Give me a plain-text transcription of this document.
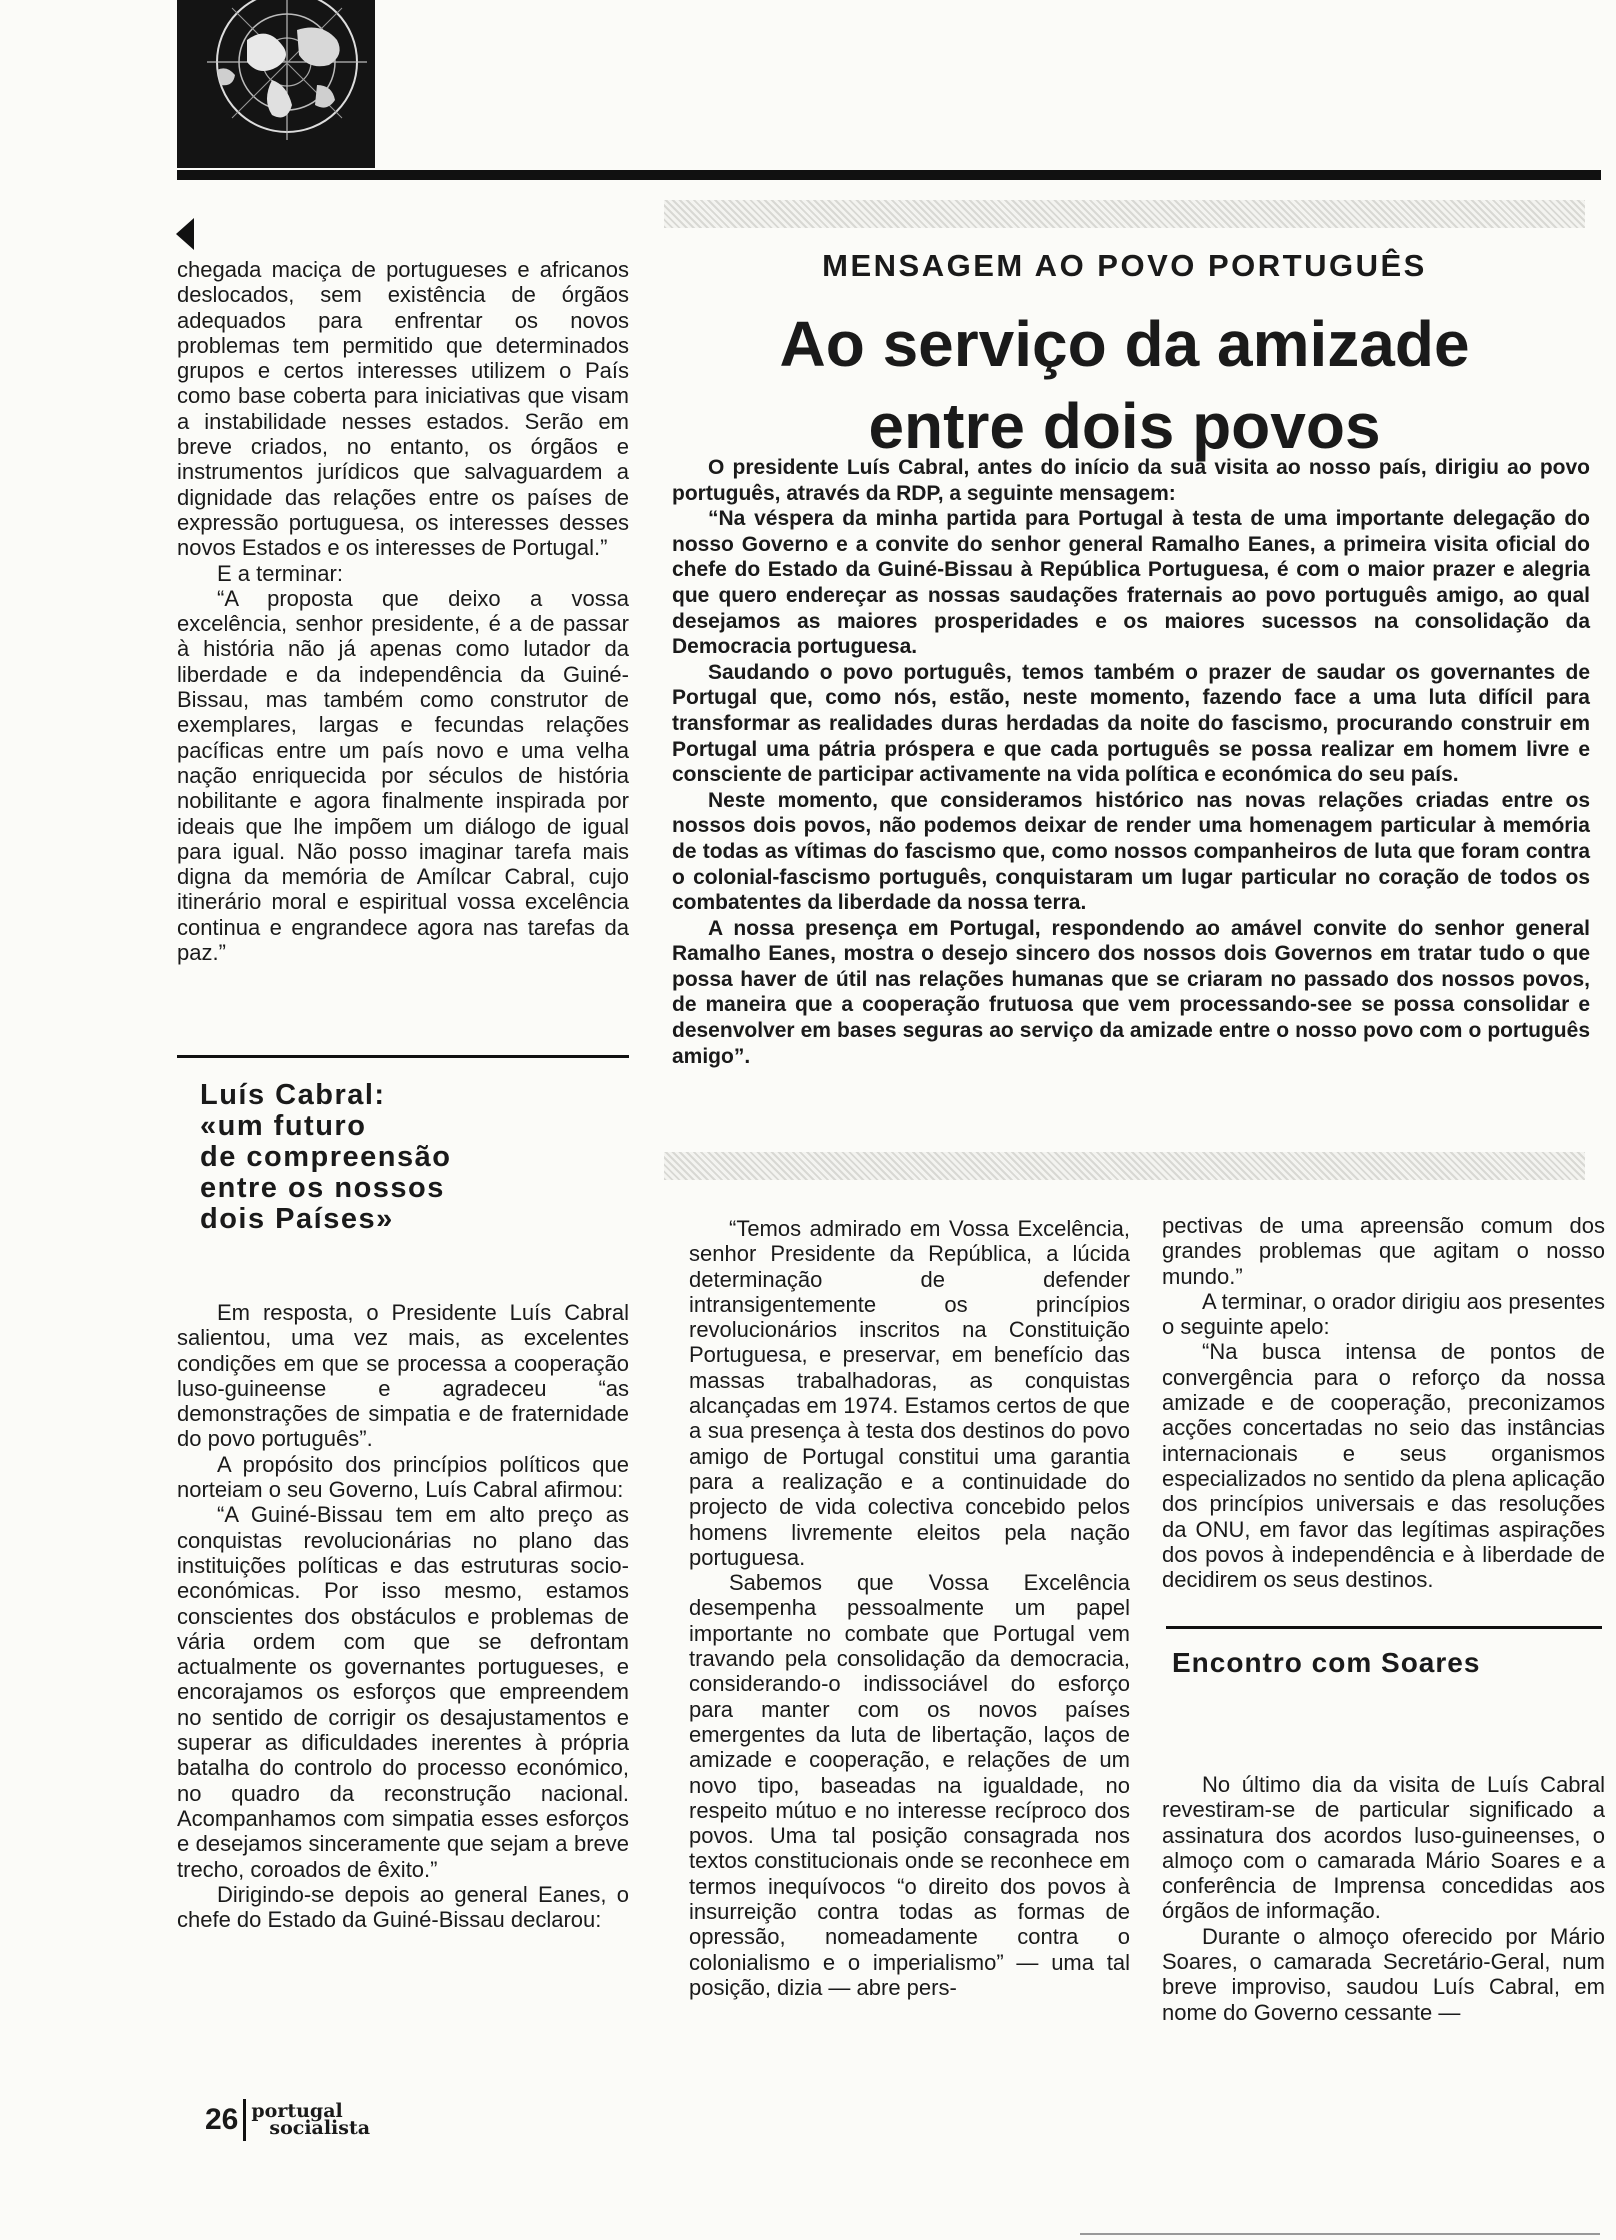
chegada maciça de portugueses e africanos deslocados, sem existência de órgãos adequados para enfrentar os novos problemas tem permitido que determinados grupos e certos interesses utilizem o País como base coberta para iniciativas que visam a instabilidade nesses estados. Serão em breve criados, no entanto, os órgãos e instrumentos jurídicos que salvaguardem a dignidade das relações entre os países de expressão portuguesa, os interesses desses novos Estados e os interesses de Portugal.”

E a terminar:

“A proposta que deixo a vossa excelência, senhor presidente, é a de passar à história não já apenas como lutador da liberdade e da independência da Guiné-Bissau, mas também como construtor de exemplares, largas e fecundas relações pacíficas entre um país novo e uma velha nação enriquecida por séculos de história nobilitante e agora finalmente inspirada por ideais que lhe impõem um diálogo de igual para igual. Não posso imaginar tarefa mais digna da memória de Amílcar Cabral, cujo itinerário moral e espiritual vossa excelência continua e engrandece agora nas tarefas da paz.”

Luís Cabral:
«um futuro
de compreensão
entre os nossos
dois Países»

Em resposta, o Presidente Luís Cabral salientou, uma vez mais, as excelentes condições em que se processa a cooperação luso-guineense e agradeceu “as demonstrações de simpatia e de fraternidade do povo português”.

A propósito dos princípios políticos que norteiam o seu Governo, Luís Cabral afirmou:

“A Guiné-Bissau tem em alto preço as conquistas revolucionárias no plano das instituições políticas e das estruturas socio-económicas. Por isso mesmo, estamos conscientes dos obstáculos e problemas de vária ordem com que se defrontam actualmente os governantes portugueses, e encorajamos os esforços que empreendem no sentido de corrigir os desajustamentos e superar as dificuldades inerentes à própria batalha do controlo do processo económico, no quadro da reconstrução nacional. Acompanhamos com simpatia esses esforços e desejamos sinceramente que sejam a breve trecho, coroados de êxito.”

Dirigindo-se depois ao general Eanes, o chefe do Estado da Guiné-Bissau declarou:

MENSAGEM AO POVO PORTUGUÊS
Ao serviço da amizade
entre dois povos

O presidente Luís Cabral, antes do início da sua visita ao nosso país, dirigiu ao povo português, através da RDP, a seguinte mensagem:

“Na véspera da minha partida para Portugal à testa de uma importante delegação do nosso Governo e a convite do senhor general Ramalho Eanes, a primeira visita oficial do chefe do Estado da Guiné-Bissau à República Portuguesa, é com o maior prazer e alegria que quero endereçar as nossas saudações fraternais ao povo português amigo, ao qual desejamos as maiores prosperidades e os maiores sucessos na consolidação da Democracia portuguesa.

Saudando o povo português, temos também o prazer de saudar os governantes de Portugal que, como nós, estão, neste momento, fazendo face a uma luta difícil para transformar as realidades duras herdadas da noite do fascismo, procurando construir em Portugal uma pátria próspera e que cada português se possa realizar em homem livre e consciente de participar activamente na vida política e económica do seu país.

Neste momento, que consideramos histórico nas novas relações criadas entre os nossos dois povos, não podemos deixar de render uma homenagem particular à memória de todas as vítimas do fascismo que, como nossos companheiros de luta que foram contra o colonial-fascismo português, conquistaram um lugar particular no coração de todos os combatentes da liberdade da nossa terra.

A nossa presença em Portugal, respondendo ao amável convite do senhor general Ramalho Eanes, mostra o desejo sincero dos nossos dois Governos em tratar tudo o que possa haver de útil nas relações humanas que se criaram no passado dos nossos povos, de maneira que a cooperação frutuosa que vem processando-see se possa consolidar e desenvolver em bases seguras ao serviço da amizade entre o nosso povo com o português amigo”.

“Temos admirado em Vossa Excelência, senhor Presidente da República, a lúcida determinação de defender intransigentemente os princípios revolucionários inscritos na Constituição Portuguesa, e preservar, em benefício das massas trabalhadoras, as conquistas alcançadas em 1974. Estamos certos de que a sua presença à testa dos destinos do povo amigo de Portugal constitui uma garantia para a realização e a continuidade do projecto de vida colectiva concebido pelos homens livremente eleitos pela nação portuguesa.

Sabemos que Vossa Excelência desempenha pessoalmente um papel importante no combate que Portugal vem travando pela consolidação da democracia, considerando-o indissociável do esforço para manter com os novos países emergentes da luta de libertação, laços de amizade e cooperação, e relações de um novo tipo, baseadas na igualdade, no respeito mútuo e no interesse recíproco dos povos. Uma tal posição consagrada nos textos constitucionais onde se reconhece em termos inequívocos “o direito dos povos à insurreição contra todas as formas de opressão, nomeadamente contra o colonialismo e o imperialismo” — uma tal posição, dizia — abre pers-

pectivas de uma apreensão comum dos grandes problemas que agitam o nosso mundo.”

A terminar, o orador dirigiu aos presentes o seguinte apelo:

“Na busca intensa de pontos de convergência para o reforço da nossa amizade e de cooperação, preconizamos acções concertadas no seio das instâncias internacionais e seus organismos especializados no sentido da plena aplicação dos princípios universais e das resoluções da ONU, em favor das legítimas aspirações dos povos à independência e à liberdade de decidirem os seus destinos.

Encontro com Soares

No último dia da visita de Luís Cabral revestiram-se de particular significado a assinatura dos acordos luso-guineenses, o almoço com o camarada Mário Soares e a conferência de Imprensa concedidas aos órgãos de informação.

Durante o almoço oferecido por Mário Soares, o camarada Secretário-Geral, num breve improviso, saudou Luís Cabral, em nome do Governo cessante —

26 portugal
socialista
